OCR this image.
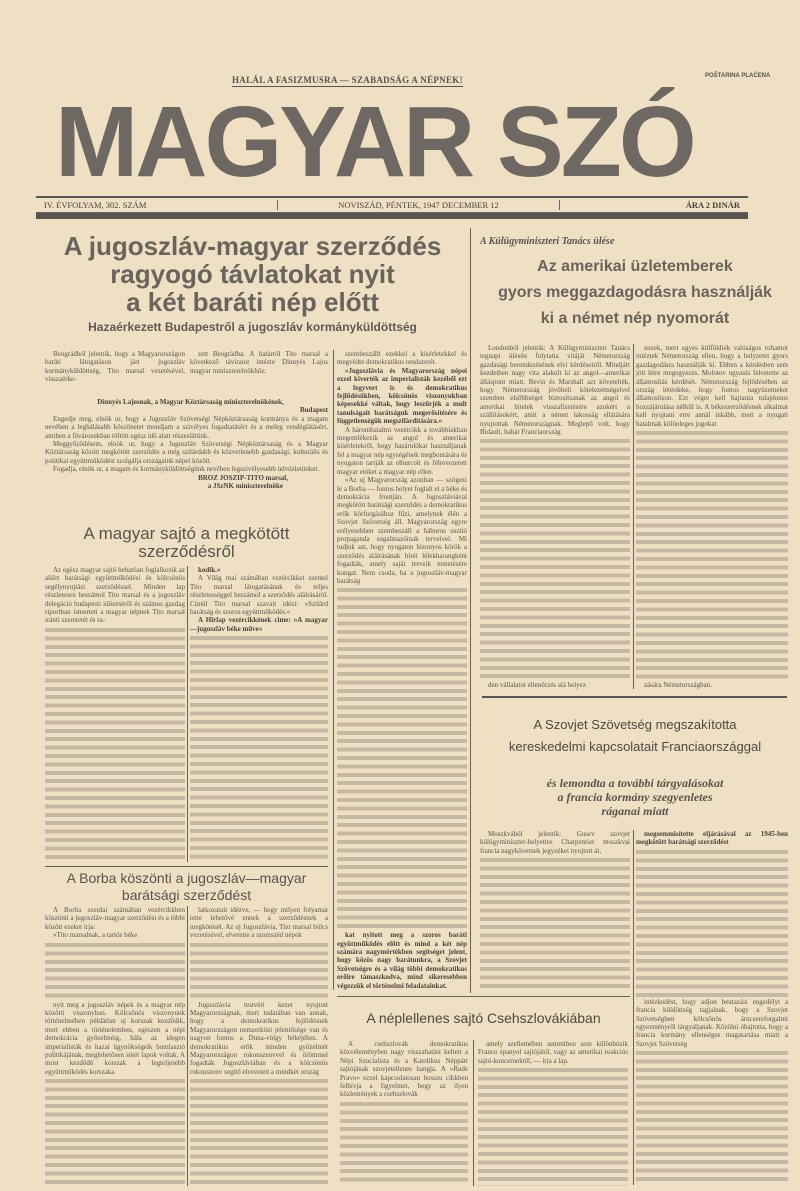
MAGYAR SZÓ
HALÁL A FASIZMUSRA — SZABADSÁG A NÉPNEK!	POŠTARINA PLAĆENA
IV. ÉVFOLYAM, 302. SZÁM	NOVISZÁD, PÉNTEK, 1947 DECEMBER 12	ÁRA 2 DINÁR
A jugoszláv-magyar szerződés
ragyogó távlatokat nyit
a két baráti nép előtt
Hazaérkezett Budapestről a jugoszláv kormányküldöttség

Beográdból jelentik, hogy a Magyarországon baráti látogatáson járt jugoszláv kormányküldöttség, Tito marsal vezetésével, visszaérke-

zett Beográdba. A határról Tito marsal a következő táviratot intézte Dinnyés Lajos magyar miniszterelnökhöz:

Dinnyés Lajosnak, a Magyar Köztársaság miniszterelnökének,

Budapest

Engedje meg, elnök ur, hogy a Jugoszláv Szövetségi Népköztársaság kormánya és a magam nevében a leghálásabb köszönetet mondjam a szivélyes fogadtatásért és a meleg vendéglátásért, amiben a fővárosukban töltött egész idő alatt részesültünk.

Meggyőződésem, elnök ur, hogy a Jugoszláv Szövetségi Népköztársaság és a Magyar Köztársaság között megkötött szerződés a még szilárdabb és közvetlenebb gazdasági, kulturális és politikai együttműködést szolgálja országaink népei között.

Fogadja, elnök ur, a magam és kormányküldöttségünk nevében legszivélyesebb üdvözletünket.

BROZ JOSZIP-TITO marsal,

a JSzNK miniszterelnöke

szembeszállt ezekkel a kísérletekkel és megvédte demokratikus rendszerét.

»Jugoszlávia és Magyarország népei ezzel kiverték az imperialisták kezéből ezt a fegyvert is és demokratikus fejlődésükben, kölcsönös viszonyukban képesekké váltak, hogy leszűrjék a mult tanulságait barátságuk megerősítésére és függetlenségük megszilárdítására.«

A háromhatalmi vezércikk a továbbiakban megemlékezik az angol és amerikai kísérletekről, hogy hazárulókat használjanak fel a magyar nép egységének megbontására és nyugaton tartják az elhurcolt és félrevezetett magyar etóket a magyar nép ellen.

»Az uj Magyarország azonban — szögezi le a Borba — fontos helyet foglalt el a béke és demokrácia frontján. A Jugoszláviával megkötött barátsági szerződés a demokratikus erők körforgásához fűzi, amelynek élén a Szovjet Szövetség áll. Magyarország egyre erélyesebben szembeszáll a háborus uszító propaganda sugalmazóinak terveivel. Mi tudjuk azt, hogy nyugaton bizonyos körök a szerződés aláírásának hírét lélekharangként fogadták, amely saját terveik temetésére kongat. Nem csoda, ha a jugoszláv-magyar barátság

kat nyitott meg a szoros baráti együttműködés előtt és mind a két nép számára nagymértékben segítséget jelent, hogy közös nagy barátunkra, a Szovjet Szövetségre és a világ többi demokratikus erőire támaszkodva, mind sikeresebben végezzük el történelmi feladatainkat.

A magyar sajtó a megkötött szerződésről

Az egész magyar sajtó behatóan foglalkozik az aláírt barátsági együttműködési és kölcsönös segélynyujtási szerződéssel. Minden lap részletesen beszámol Tito marsal és a jugoszláv delegáció budapesti időzéséről és számos gazdag riportban ismerteti a magyar népnek Tito marsal iránti szeretetét és ra-

kodik.«

A Világ mai számában vezércikket szentel Tito marsal látogatásának és teljes részletességgel beszámol a szerződés aláírásáról. Címül Tito marsal szavait idézi: »Szilárd barátság és szoros együttműködés.«

A Hirlap vezércikkének cime: »A magyar—jugoszláv béke műve«

A Borba köszönti a jugoszláv—magyar
barátsági szerződést

A Borba szerdai számában vezércikkben köszönti a jugoszláv-magyar szerződést és a többi között ezeket írja:

»Tito marsalnak, a tartós béke

nyit meg a jugoszláv népek és a magyar nép közötti viszonyban. Kölcsönös viszonyunk történelmében példátlan uj korszak kezdődik, mert ebben a történelemben, egészen a népi demokrácia győzelméig, hála az idegen imperialisták és hazai ügynökségeik bomlasztó politikájának, meglehetősen sötét lapok voltak. A most kezdődő korszak a legteljesebb együttműködés korszaka

latkozatait idézve, — hogy milyen folyamat tette lehetővé ennek a szerződésnek a megkötését. Az uj Jugoszlávia, Tito marsal bölcs vezetésével, elvetette a szomszéd népek

Jugoszlávia testvéri kezet nyujtott Magyarországnak, mert tudatában van annak, hogy a demokratikus fejlődésnek Magyarországon nemzetközi jelentősége van és nagyon fontos a Duna-völgy békéjéhez. A demokratikus erők minden győzelmét Magyarországon rokonszenvvel és örömmel fogadták Jugoszláviában és a kölcsönös rokonszenv segítő elvezetett a mindkét ország

A Külügyminiszteri Tanács ülése
Az amerikai üzletemberek
gyors meggazdagodásra használják
ki a német nép nyomorát

Londonból jelentik: A Külügyminiszteri Tanács tegnapi ülésén folytatta vitáját Németország gazdasági berendezésének elvi kérdéseiről. Mindjárt kezdetben nagy vita alakult ki az angol—amerikai álláspont miatt. Bevin és Marshall azt követelték, hogy Németország jövőbeli kötelezettségeivel szemben elsőbbséget biztosítsanak az angol és amerikai hitelek visszafizetésére azokért a szállításokért, amit a német lakosság ellátására nyujtottak Németországnak. Meglepő volt, hogy Bidault, habár Franciaország

den vállalatot ellenőrzés alá helyez

zenek, mert egyes külföldiek valóságos rohamot intéztek Németország ellen, hogy a helyzetet gyors gazdagodásra használják ki. Ebben a kérdésben sem jött létre megegyezés. Molotov ugyanis felvetette az államosítás kérdését. Németország fejlődésében az ország létérdeke, hogy fontos nagyüzemeket államosítson. Ezt végre kell hajtania tulajdonos hozzájárulása nélkül is. A békeszerződésnek alkalmat kell nyujtani erre annál inkább, mert a nyugati hatalmak különleges jogokat

zására Németországban.

A Szovjet Szövetség megszakította
kereskedelmi kapcsolatait Franciaországgal
és lemondta a további tárgyalásokat
a francia kormány szegyenletes
ráganai miatt

Moszkvából jelentik: Gusev szovjet külügyminiszter-helyettes Charpentier moszkvai francia nagykövetnek jegyzéket nyujtott át,

megsemmisítette eljárásával az 1945-ben megkötött barátsági szerződést

intézkedést, hogy adjon beutazási engedélyt a francia küldöttség tagjainak, hogy a Szovjet Szövetségben kölcsönös árucsereforgalmi egyezményről tárgyaljanak. Közölni óhajtotta, hogy a francia kormány ellenséges magatartása miatt a Szovjet Szövetség

A néplellenes sajtó Csehszlovákiában

A csehszlovák demokratikus közvéleményben nagy visszahatást keltett a Népi Szocialista és a Katolikus Néppárt sajtójának szovjetellenes hangja. A »Rude Pravo« ezzel kapcsolatosan hosszu cikkben felhívja a figyelmet, hogy az ilyen közlemények a csehszlovák

amely szellemében semmiben sem különbözik Franco spanyol sajtójától, vagy az amerikai reakciós sajtó-koncernektől, — írja a lap.
